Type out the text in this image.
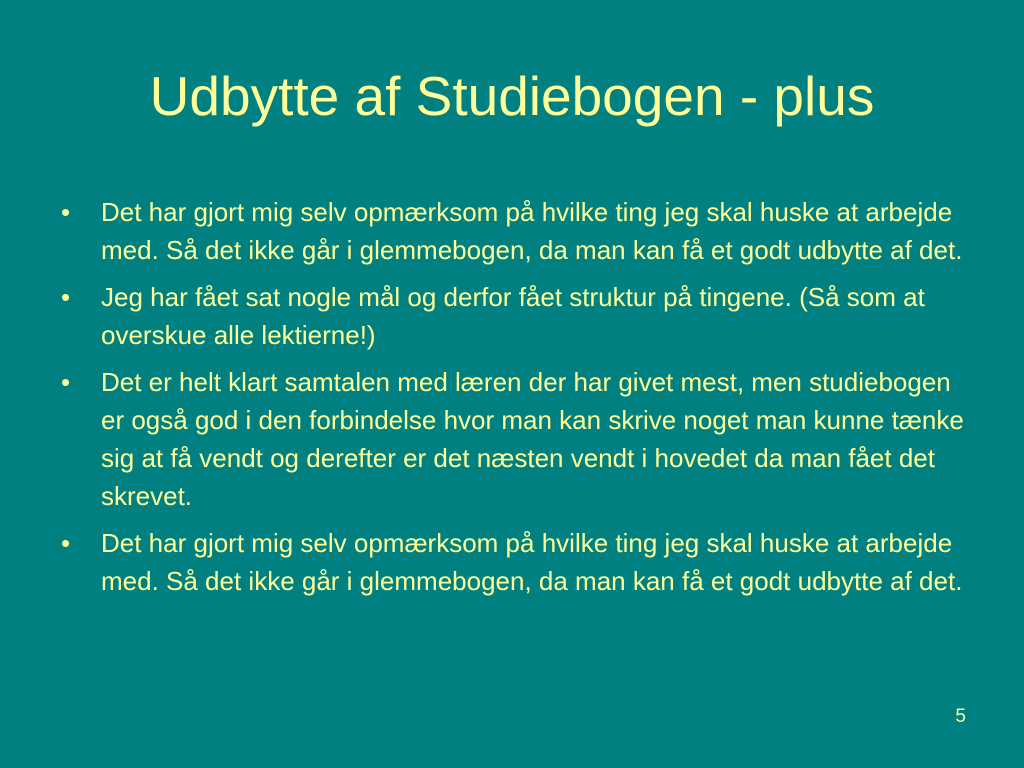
Udbytte af Studiebogen - plus
• Det har gjort mig selv opmærksom på hvilke ting jeg skal huske at arbejde med. Så det ikke går i glemmebogen, da man kan få et godt udbytte af det.
• Jeg har fået sat nogle mål og derfor fået struktur på tingene. (Så som at overskue alle lektierne!)
• Det er helt klart samtalen med læren der har givet mest, men studiebogen er også god i den forbindelse hvor man kan skrive noget man kunne tænke sig at få vendt og derefter er det næsten vendt i hovedet da man fået det skrevet.
• Det har gjort mig selv opmærksom på hvilke ting jeg skal huske at arbejde med. Så det ikke går i glemmebogen, da man kan få et godt udbytte af det.
5
